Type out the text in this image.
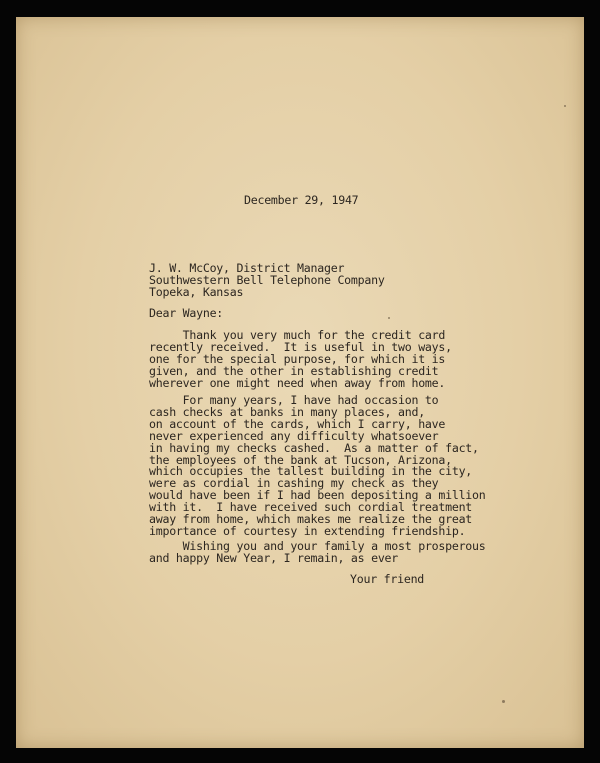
December 29, 1947
J. W. McCoy, District Manager
Southwestern Bell Telephone Company
Topeka, Kansas
Dear Wayne:
Thank you very much for the credit card
recently received.  It is useful in two ways,
one for the special purpose, for which it is
given, and the other in establishing credit
wherever one might need when away from home.
For many years, I have had occasion to
cash checks at banks in many places, and,
on account of the cards, which I carry, have
never experienced any difficulty whatsoever
in having my checks cashed.  As a matter of fact,
the employees of the bank at Tucson, Arizona,
which occupies the tallest building in the city,
were as cordial in cashing my check as they
would have been if I had been depositing a million
with it.  I have received such cordial treatment
away from home, which makes me realize the great
importance of courtesy in extending friendship.
Wishing you and your family a most prosperous
and happy New Year, I remain, as ever
Your friend
